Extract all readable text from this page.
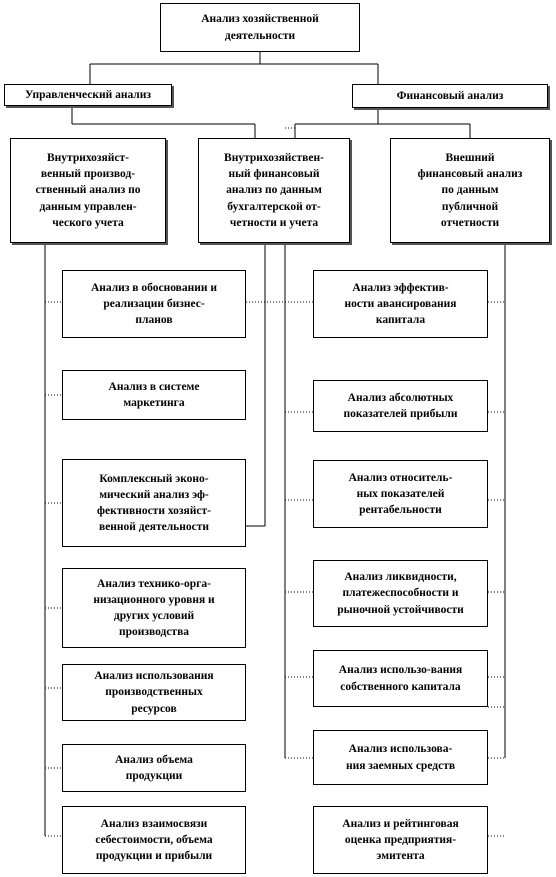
Анализ хозяйственной
деятельности
Управленческий анализ	Финансовый анализ
Внутрихозяйст-
венный производ-
ственный анализ по
данным управлен-
ческого учета
Внутрихозяйствен-
ный финансовый
анализ по данным
бухгалтерской от-
четности и учета
Внешний
финансовый анализ
по данным
публичной
отчетности
Анализ в обосновании и
реализации бизнес-
планов
Анализ в системе
маркетинга
Комплексный эконо-
мический анализ эф-
фективности хозяйст-
венной деятельности
Анализ технико-орга-
низационного уровня и
других условий
производства
Анализ использования
производственных
ресурсов
Анализ объема
продукции
Анализ взаимосвязи
себестоимости, объема
продукции и прибыли
Анализ эффектив-
ности авансирования
капитала
Анализ абсолютных
показателей прибыли
Анализ относитель-
ных показателей
рентабельности
Анализ ликвидности,
платежеспособности и
рыночной устойчивости
Анализ использо-вания
собственного капитала
Анализ использова-
ния заемных средств
Анализ и рейтинговая
оценка предприятия-
эмитента
